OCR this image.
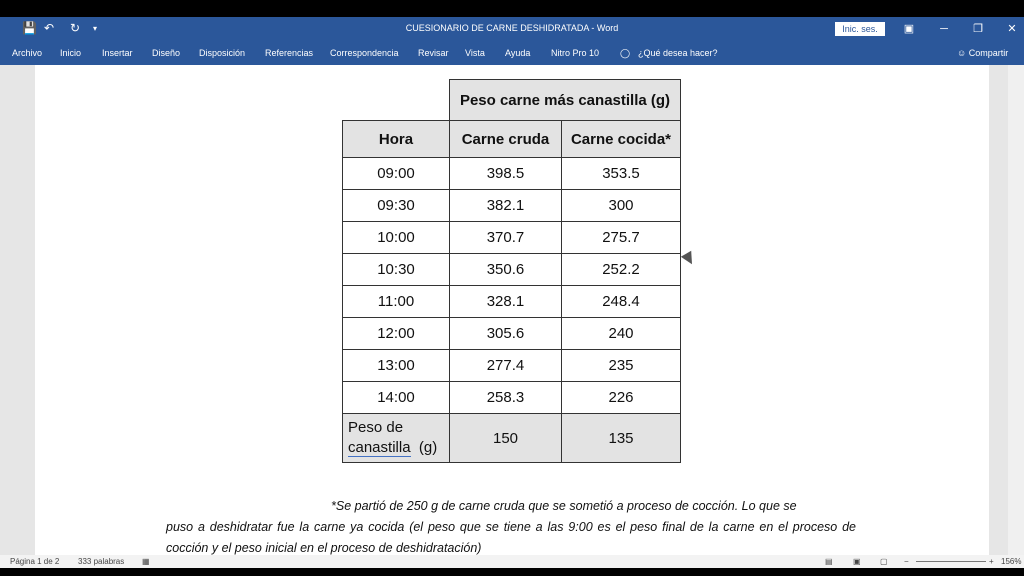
💾 ↶ ↻ ▾	CUESIONARIO DE CARNE DESHIDRATADA - Word	Inic. ses.	▣	─	❐	✕
Archivo Inicio Insertar Diseño Disposición Referencias Correspondencia Revisar Vista Ayuda Nitro Pro 10 ◯ ¿Qué desea hacer?	☺ Compartir
	Peso carne más canastilla (g)	
Hora	Carne cruda	Carne cocida*
09:00	398.5	353.5
09:30	382.1	300
10:00	370.7	275.7
10:30	350.6	252.2
11:00	328.1	248.4
12:00	305.6	240
13:00	277.4	235
14:00	258.3	226
Peso de
canastilla (g)	150	135
*Se partió de 250 g de carne cruda que se sometió a proceso de cocción. Lo que se
puso a deshidratar fue la carne ya cocida (el peso que se tiene a las 9:00 es el peso final de la carne en el proceso de cocción y el peso inicial en el proceso de deshidratación)
Página 1 de 2 333 palabras ▦	▤	▣ ▢ −	+ 156%
